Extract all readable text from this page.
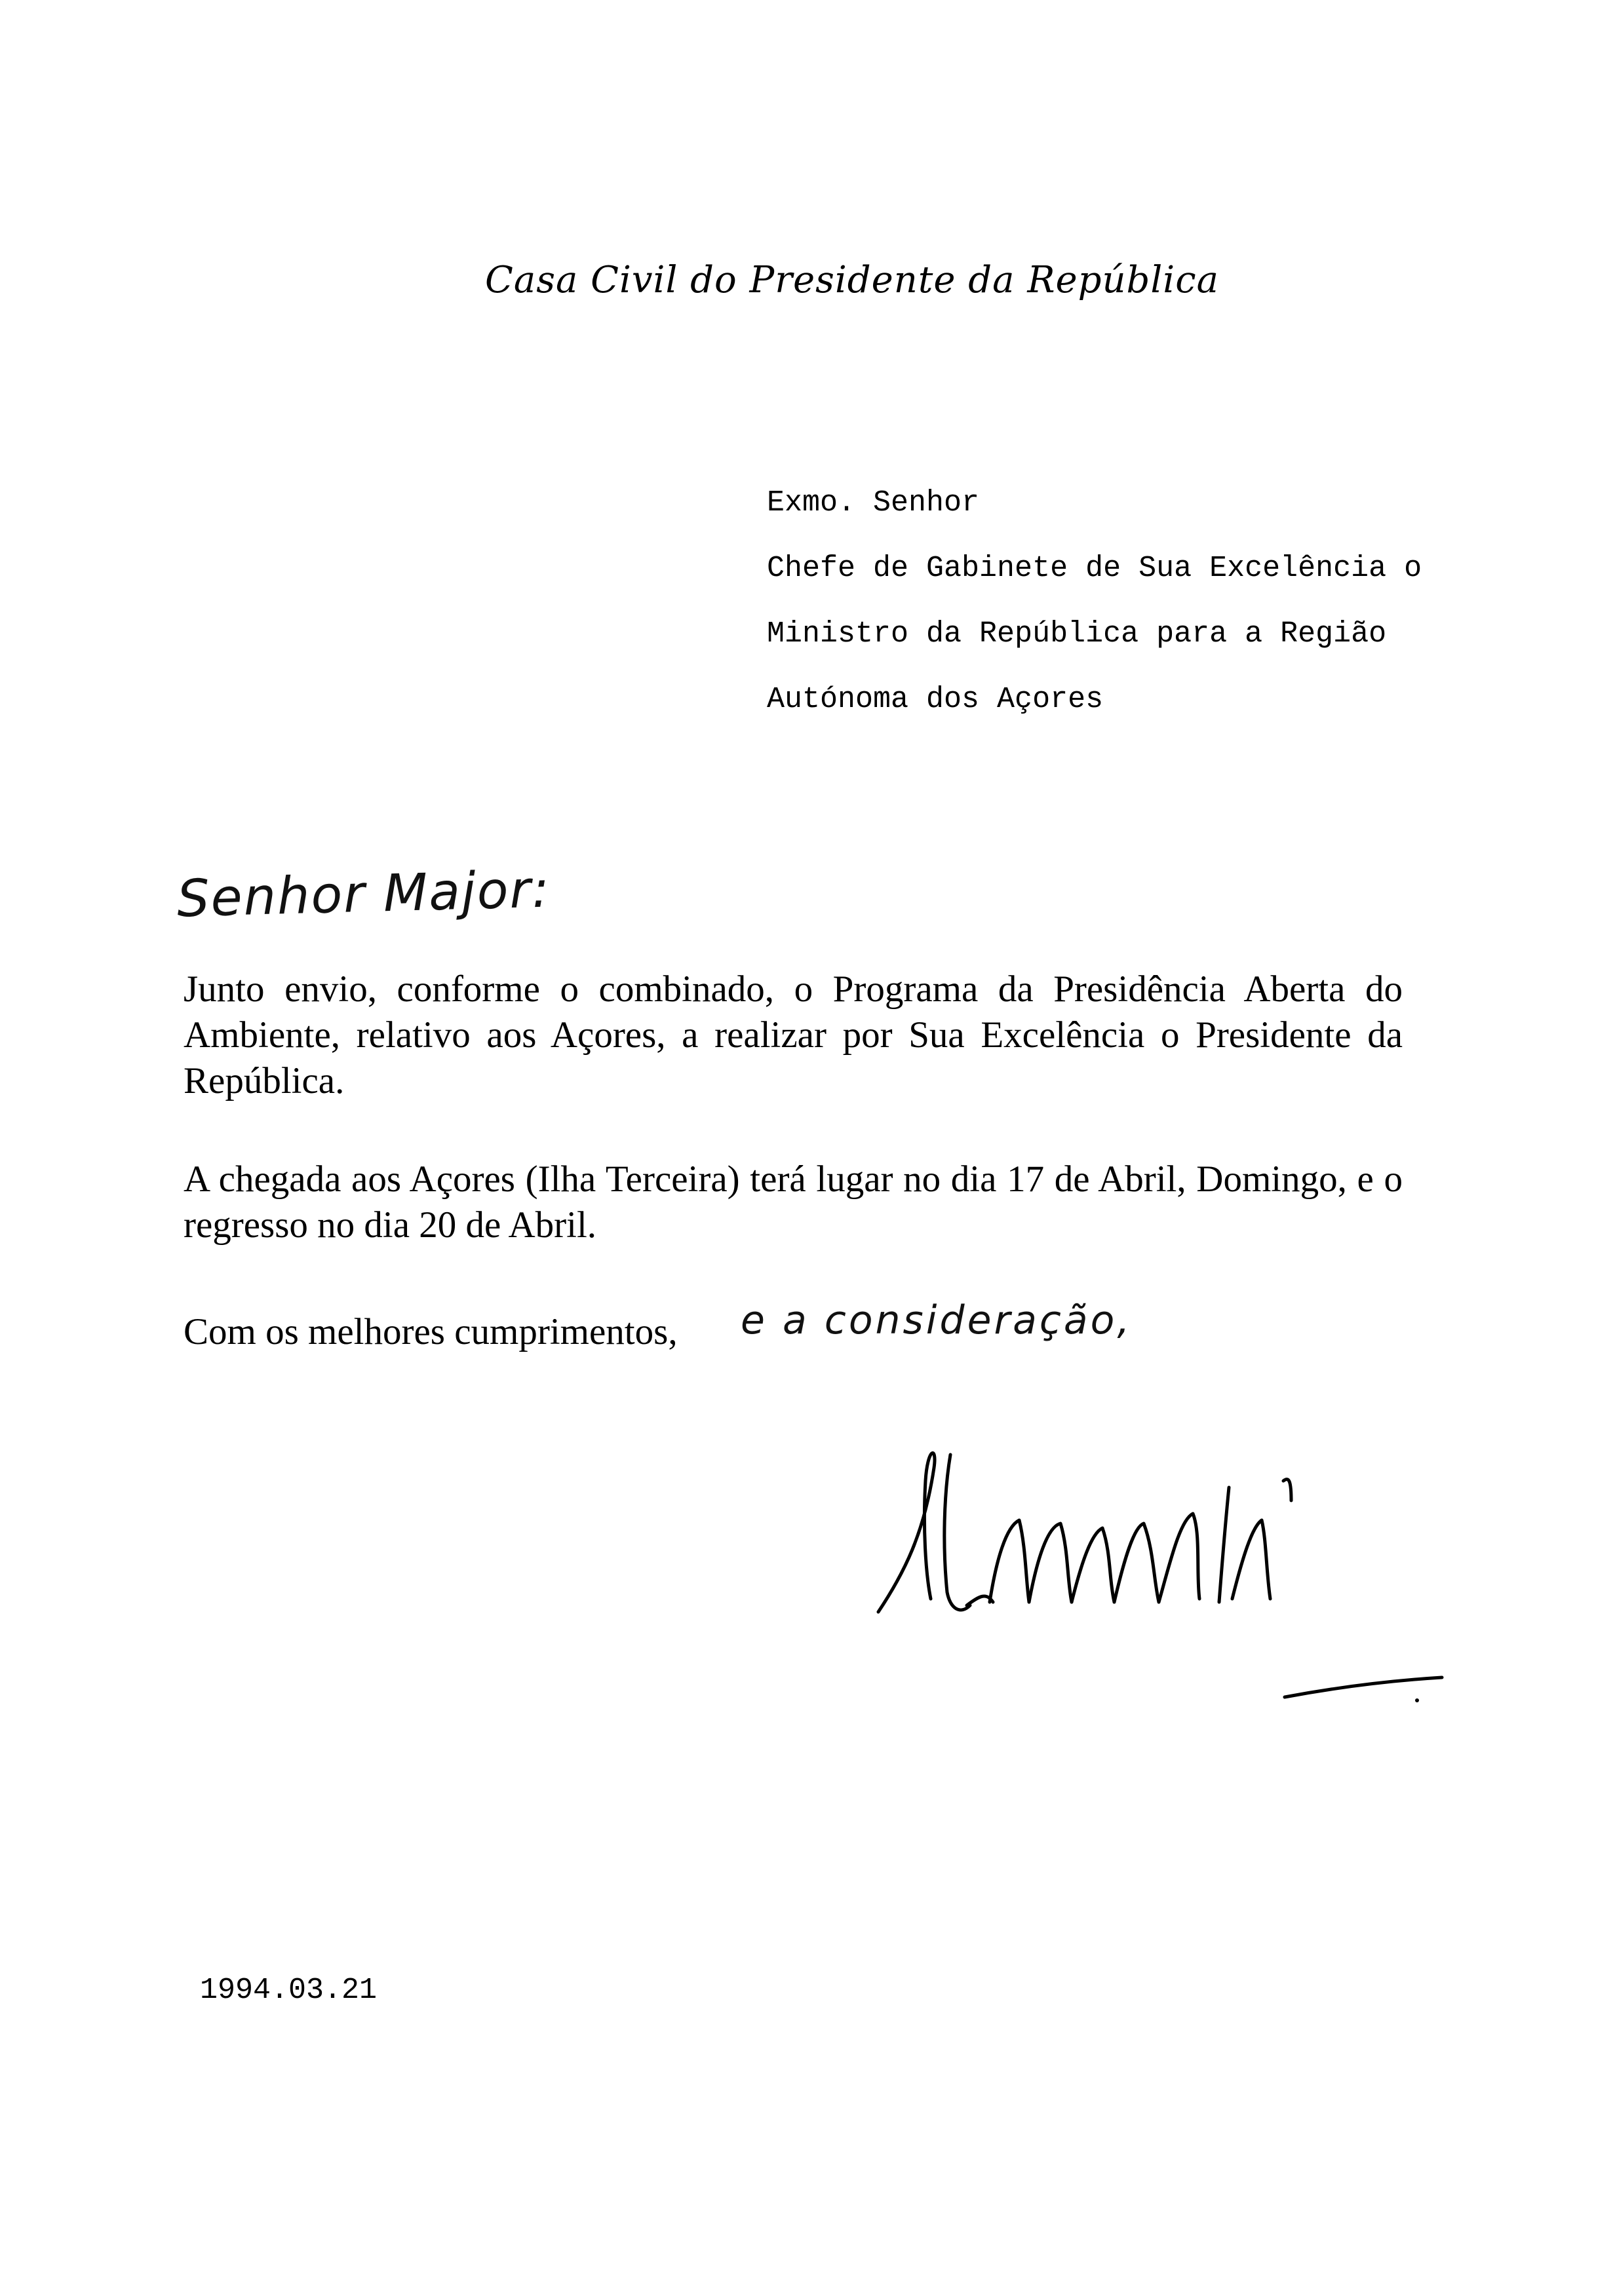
Casa Civil do Presidente da República
Exmo. Senhor
Chefe de Gabinete de Sua Excelência o
Ministro da República para a Região
Autónoma dos Açores
Senhor Major:
Junto envio, conforme o combinado, o Programa da Presidência Aberta do Ambiente, relativo aos Açores, a realizar por Sua Excelência o Presidente da República.
A chegada aos Açores (Ilha Terceira) terá lugar no dia 17 de Abril, Domingo, e o regresso no dia 20 de Abril.
Com os melhores cumprimentos, e a consideração,
1994.03.21
